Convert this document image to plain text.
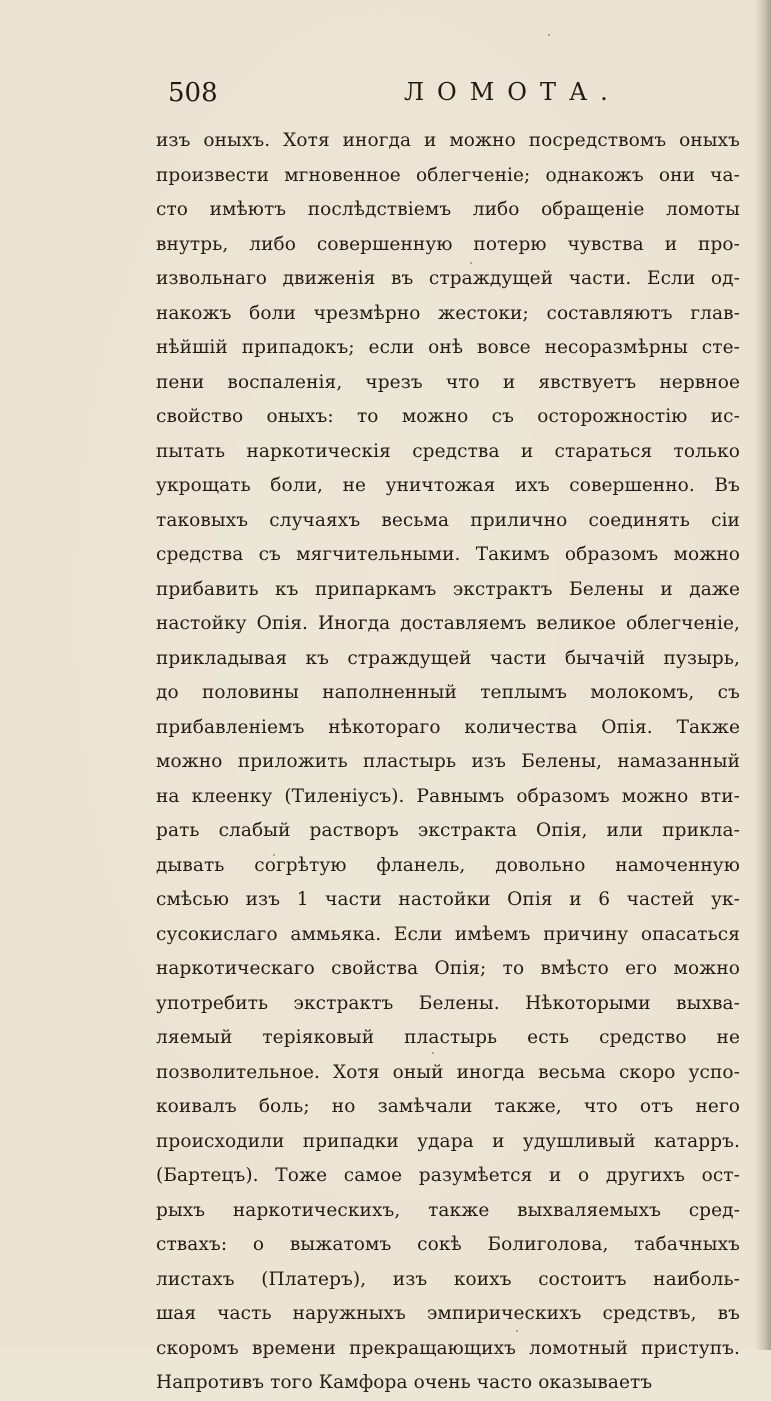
508	ЛОМОТА.
изъ оныхъ. Хотя иногда и можно посредствомъ оныхъ
произвести мгновенное облегченіе; однакожъ они ча-
сто имѣютъ послѣдствіемъ либо обращеніе ломоты
внутрь, либо совершенную потерю чувства и про-
извольнаго движенія въ страждущей части. Если од-
накожъ боли чрезмѣрно жестоки; составляютъ глав-
нѣйшій припадокъ; если онѣ вовсе несоразмѣрны сте-
пени воспаленія, чрезъ что и явствуетъ нервное
свойство оныхъ: то можно съ осторожностію ис-
пытать наркотическія средства и стараться только
укрощать боли, не уничтожая ихъ совершенно. Въ
таковыхъ случаяхъ весьма прилично соединять сіи
средства съ мягчительными. Такимъ образомъ можно
прибавить къ припаркамъ экстрактъ Белены и даже
настойку Опія. Иногда доставляемъ великое облегченіе,
прикладывая къ страждущей части бычачій пузырь,
до половины наполненный теплымъ молокомъ, съ
прибавленіемъ нѣкотораго количества Опія. Также
можно приложить пластырь изъ Белены, намазанный
на клеенку (Тиленіусъ). Равнымъ образомъ можно вти-
рать слабый растворъ экстракта Опія, или прикла-
дывать согрѣтую фланель, довольно намоченную
смѣсью изъ 1 части настойки Опія и 6 частей ук-
сусокислаго аммьяка. Если имѣемъ причину опасаться
наркотическаго свойства Опія; то вмѣсто его можно
употребить экстрактъ Белены. Нѣкоторыми выхва-
ляемый теріяковый пластырь есть средство не
позволительное. Хотя оный иногда весьма скоро успо-
коивалъ боль; но замѣчали также, что отъ него
происходили припадки удара и удушливый катарръ.
(Бартецъ). Тоже самое разумѣется и о другихъ ост-
рыхъ наркотическихъ, также выхваляемыхъ сред-
ствахъ: о выжатомъ сокѣ Болиголова, табачныхъ
листахъ (Платеръ), изъ коихъ состоитъ наиболь-
шая часть наружныхъ эмпирическихъ средствъ, въ
скоромъ времени прекращающихъ ломотный приступъ.
Напротивъ того Камфора очень часто оказываетъ
